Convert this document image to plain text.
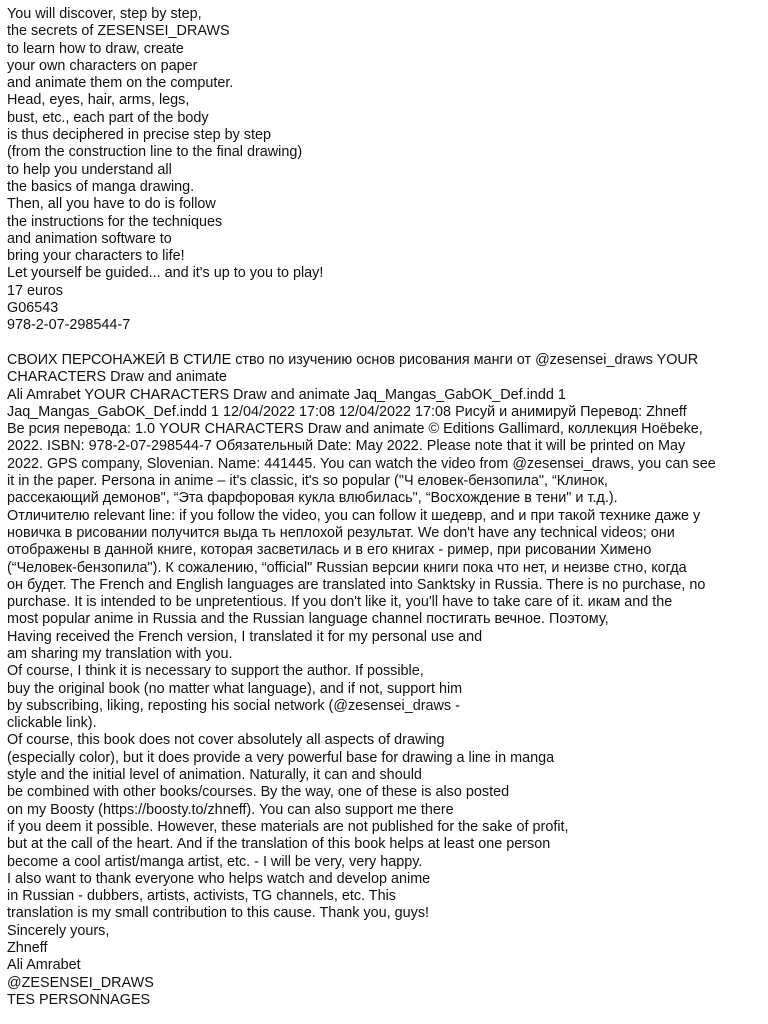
You will discover, step by step,
the secrets of ZESENSEI_DRAWS
to learn how to draw, create
your own characters on paper
and animate them on the computer.
Head, eyes, hair, arms, legs,
bust, etc., each part of the body
is thus deciphered in precise step by step
(from the construction line to the final drawing)
to help you understand all
the basics of manga drawing.
Then, all you have to do is follow
the instructions for the techniques
and animation software to
bring your characters to life!
Let yourself be guided... and it's up to you to play!
17 euros
G06543
978-2-07-298544-7
СВОИХ ПЕРСОНАЖЕЙ В СТИЛЕ ство по изучению основ рисования манги от @zesensei_draws YOUR
CHARACTERS Draw and animate
Ali Amrabet YOUR CHARACTERS Draw and animate Jaq_Mangas_GabOK_Def.indd 1
Jaq_Mangas_GabOK_Def.indd 1 12/04/2022 17:08 12/04/2022 17:08 Рисуй и анимируй Перевод: Zhneff
Ве рсия перевода: 1.0 YOUR CHARACTERS Draw and animate © Editions Gallimard, коллекция Hoëbeke,
2022. ISBN: 978-2-07-298544-7 Обязательный Date: May 2022. Please note that it will be printed on May
2022. GPS company, Slovenian. Name: 441445. You can watch the video from @zesensei_draws, you can see
it in the paper. Persona in anime – it's classic, it's so popular ("Ч еловек-бензопила", “Клинок,
рассекающий демонов", “Эта фарфоровая кукла влюбилась", “Восхождение в тени" и т.д.).
Отличителю relevant line: if you follow the video, you can follow it шедевр, and и при такой технике даже у
новичка в рисовании получится выда ть неплохой результат. We don't have any technical videos; они
отображены в данной книге, которая засветилась и в его книгах - ример, при рисовании Химено
(“Человек-бензопила"). К сожалению, “official" Russian версии книги пока что нет, и неизве стно, когда
он будет. The French and English languages are translated into Sanktsky in Russia. There is no purchase, no
purchase. It is intended to be unpretentious. If you don't like it, you'll have to take care of it. икам and the
most popular anime in Russia and the Russian language channel постигать вечное. Поэтому,
Having received the French version, I translated it for my personal use and
am sharing my translation with you.
Of course, I think it is necessary to support the author. If possible,
buy the original book (no matter what language), and if not, support him
by subscribing, liking, reposting his social network (@zesensei_draws -
clickable link).
Of course, this book does not cover absolutely all aspects of drawing
(especially color), but it does provide a very powerful base for drawing a line in manga
style and the initial level of animation. Naturally, it can and should
be combined with other books/courses. By the way, one of these is also posted
on my Boosty (https://boosty.to/zhneff). You can also support me there
if you deem it possible. However, these materials are not published for the sake of profit,
but at the call of the heart. And if the translation of this book helps at least one person
become a cool artist/manga artist, etc. - I will be very, very happy.
I also want to thank everyone who helps watch and develop anime
in Russian - dubbers, artists, activists, TG channels, etc. This
translation is my small contribution to this cause. Thank you, guys!
Sincerely yours,
Zhneff
Ali Amrabet
@ZESENSEI_DRAWS
TES PERSONNAGES
